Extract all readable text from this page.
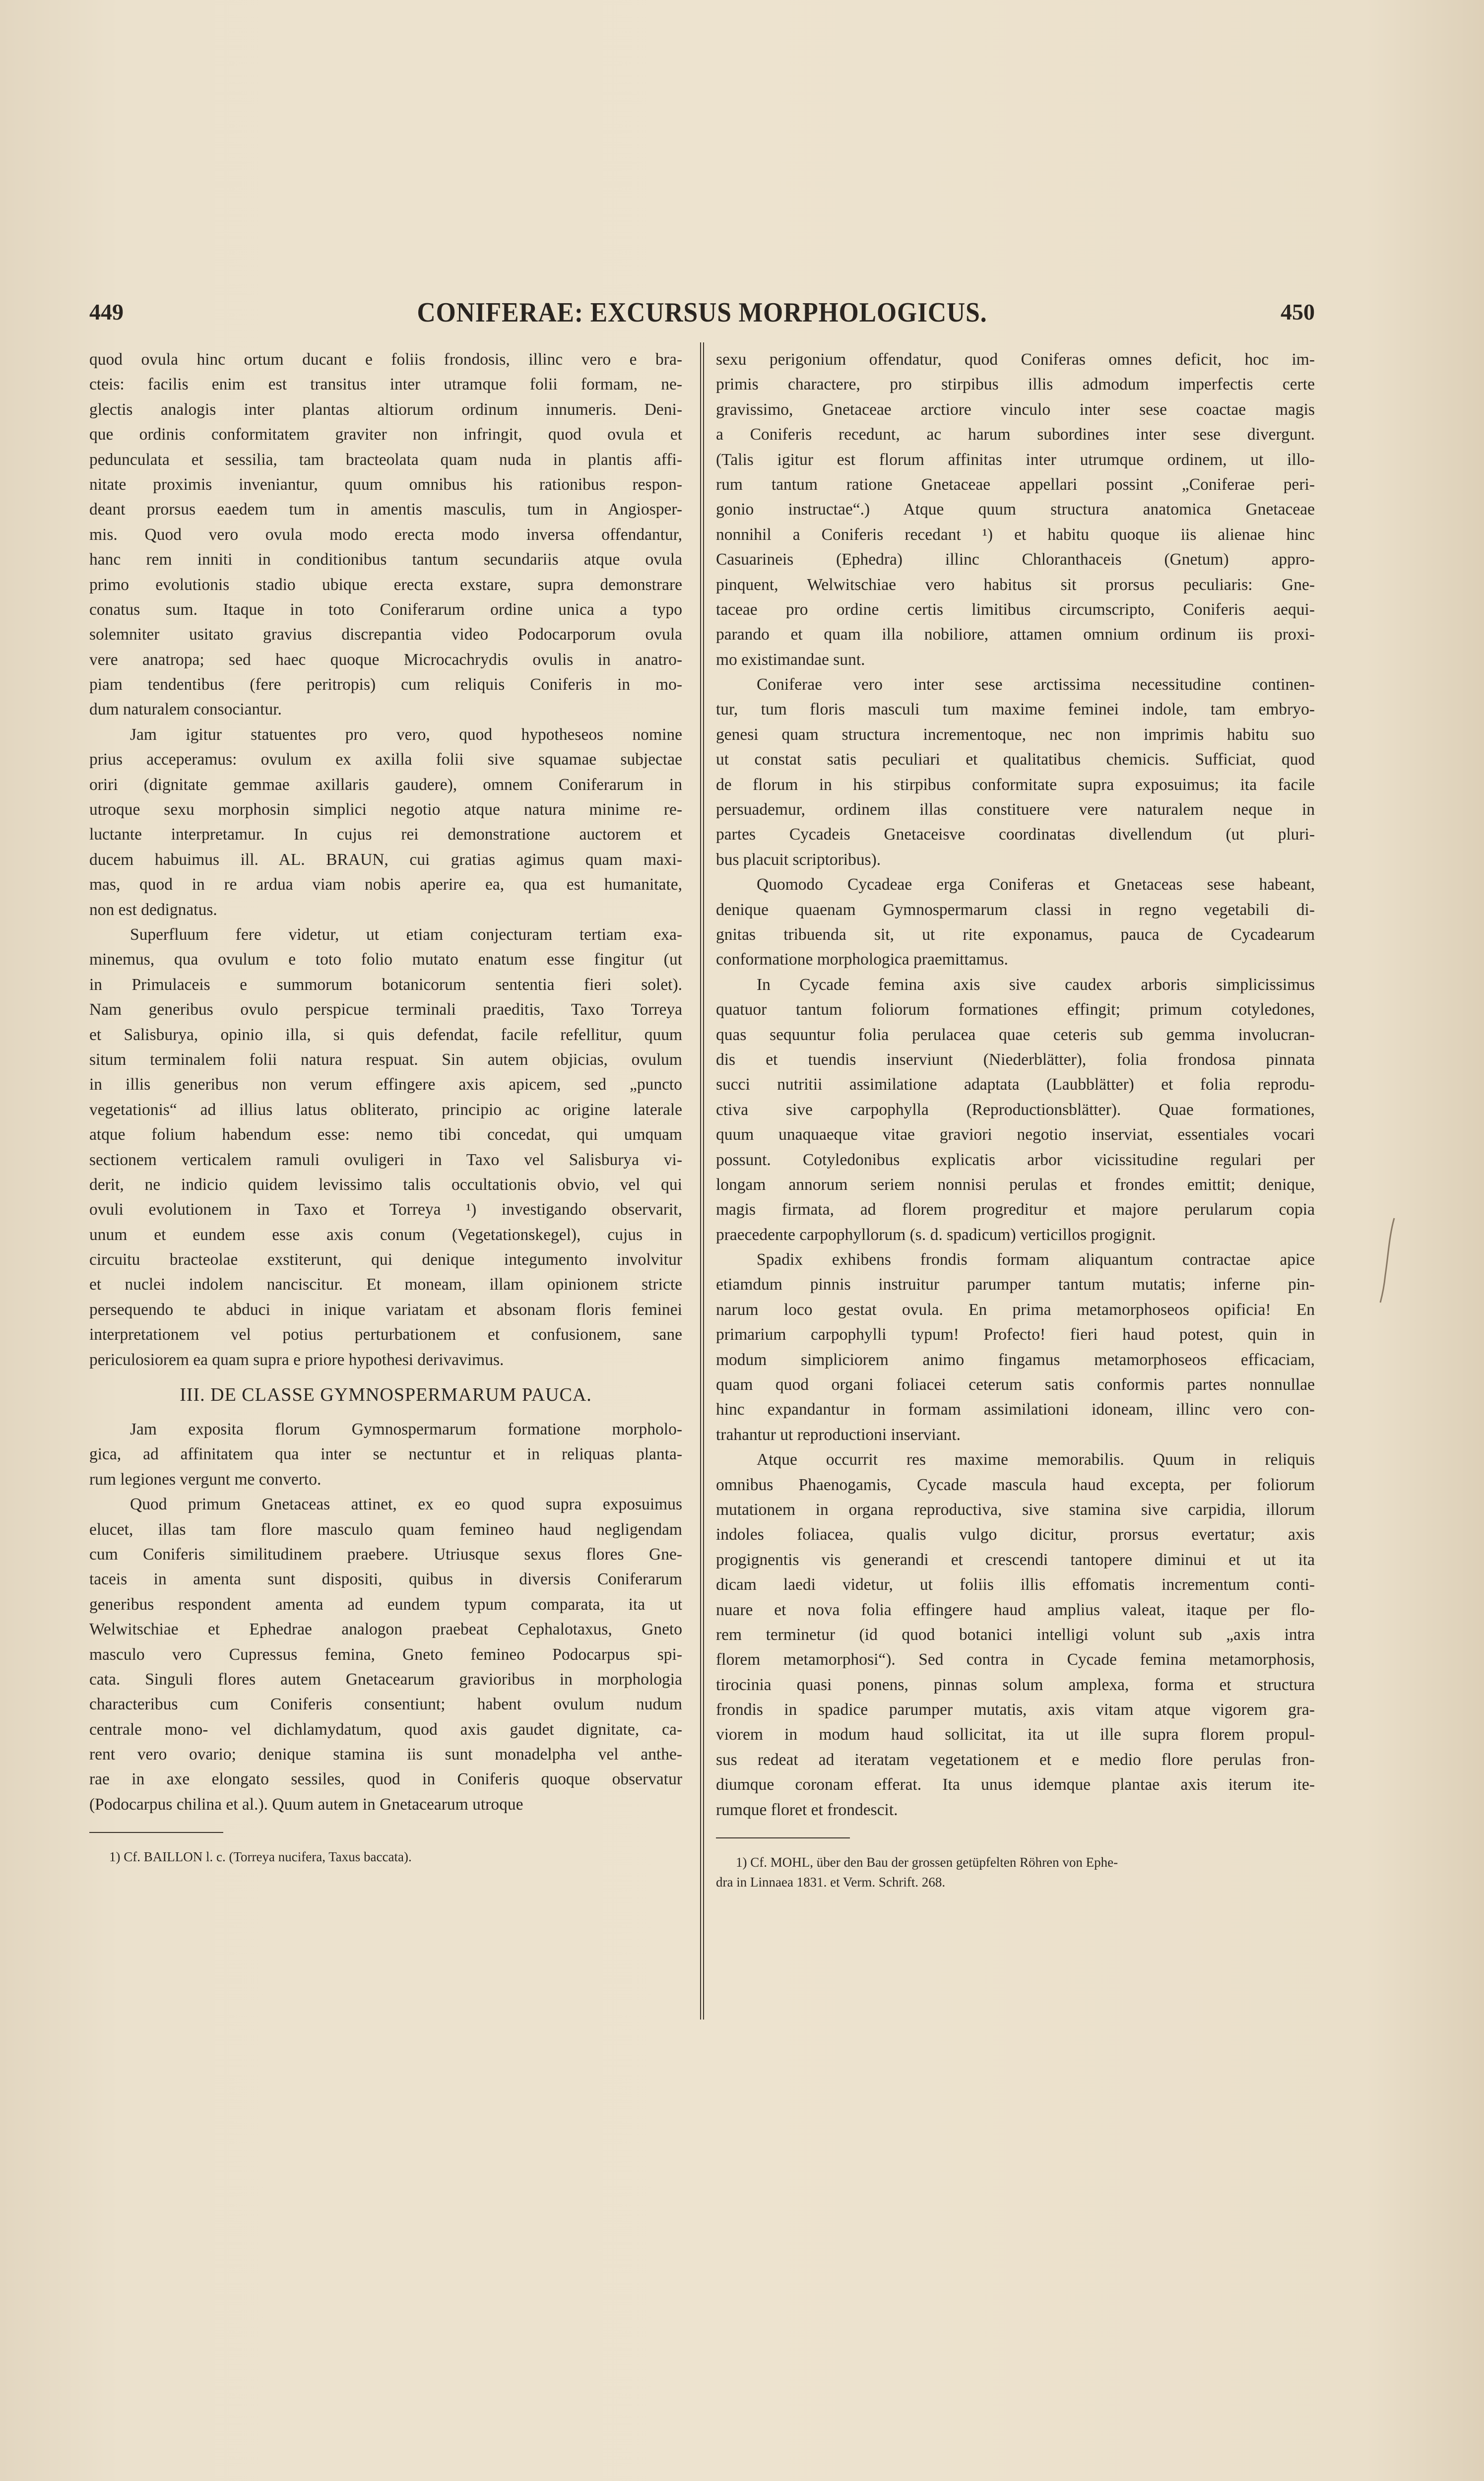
449	CONIFERAE: EXCURSUS MORPHOLOGICUS.	450
quod ovula hinc ortum ducant e foliis frondosis, illinc vero e bra-
cteis: facilis enim est transitus inter utramque folii formam, ne-
glectis analogis inter plantas altiorum ordinum innumeris. Deni-
que ordinis conformitatem graviter non infringit, quod ovula et
pedunculata et sessilia, tam bracteolata quam nuda in plantis affi-
nitate proximis inveniantur, quum omnibus his rationibus respon-
deant prorsus eaedem tum in amentis masculis, tum in Angiosper-
mis. Quod vero ovula modo erecta modo inversa offendantur,
hanc rem inniti in conditionibus tantum secundariis atque ovula
primo evolutionis stadio ubique erecta exstare, supra demonstrare
conatus sum. Itaque in toto Coniferarum ordine unica a typo
solemniter usitato gravius discrepantia video Podocarporum ovula
vere anatropa; sed haec quoque Microcachrydis ovulis in anatro-
piam tendentibus (fere peritropis) cum reliquis Coniferis in mo-
dum naturalem consociantur.
Jam igitur statuentes pro vero, quod hypotheseos nomine
prius acceperamus: ovulum ex axilla folii sive squamae subjectae
oriri (dignitate gemmae axillaris gaudere), omnem Coniferarum in
utroque sexu morphosin simplici negotio atque natura minime re-
luctante interpretamur. In cujus rei demonstratione auctorem et
ducem habuimus ill. AL. BRAUN, cui gratias agimus quam maxi-
mas, quod in re ardua viam nobis aperire ea, qua est humanitate,
non est dedignatus.
Superfluum fere videtur, ut etiam conjecturam tertiam exa-
minemus, qua ovulum e toto folio mutato enatum esse fingitur (ut
in Primulaceis e summorum botanicorum sententia fieri solet).
Nam generibus ovulo perspicue terminali praeditis, Taxo Torreya
et Salisburya, opinio illa, si quis defendat, facile refellitur, quum
situm terminalem folii natura respuat. Sin autem objicias, ovulum
in illis generibus non verum effingere axis apicem, sed „puncto
vegetationis“ ad illius latus obliterato, principio ac origine laterale
atque folium habendum esse: nemo tibi concedat, qui umquam
sectionem verticalem ramuli ovuligeri in Taxo vel Salisburya vi-
derit, ne indicio quidem levissimo talis occultationis obvio, vel qui
ovuli evolutionem in Taxo et Torreya ¹) investigando observarit,
unum et eundem esse axis conum (Vegetationskegel), cujus in
circuitu bracteolae exstiterunt, qui denique integumento involvitur
et nuclei indolem nanciscitur. Et moneam, illam opinionem stricte
persequendo te abduci in inique variatam et absonam floris feminei
interpretationem vel potius perturbationem et confusionem, sane
periculosiorem ea quam supra e priore hypothesi derivavimus.
III. DE CLASSE GYMNOSPERMARUM PAUCA.
Jam exposita florum Gymnospermarum formatione morpholo-
gica, ad affinitatem qua inter se nectuntur et in reliquas planta-
rum legiones vergunt me converto.
Quod primum Gnetaceas attinet, ex eo quod supra exposuimus
elucet, illas tam flore masculo quam feminео haud negligendam
cum Coniferis similitudinem praebere. Utriusque sexus flores Gne-
taceis in amenta sunt dispositi, quibus in diversis Coniferarum
generibus respondent amenta ad eundem typum comparata, ita ut
Welwitschiae et Ephedrae analogon praebeat Cephalotaxus, Gneto
masculo vero Cupressus femina, Gneto femineo Podocarpus spi-
cata. Singuli flores autem Gnetacearum gravioribus in morphologia
characteribus cum Coniferis consentiunt; habent ovulum nudum
centrale mono- vel dichlamydatum, quod axis gaudet dignitate, ca-
rent vero ovario; denique stamina iis sunt monadelpha vel anthe-
rae in axe elongato sessiles, quod in Coniferis quoque observatur
(Podocarpus chilina et al.). Quum autem in Gnetacearum utroque
1) Cf. BAILLON l. c. (Torreya nucifera, Taxus baccata).
sexu perigonium offendatur, quod Coniferas omnes deficit, hoc im-
primis charactere, pro stirpibus illis admodum imperfectis certe
gravissimo, Gnetaceae arctiore vinculo inter sese coactae magis
a Coniferis recedunt, ac harum subordines inter sese divergunt.
(Talis igitur est florum affinitas inter utrumque ordinem, ut illo-
rum tantum ratione Gnetaceae appellari possint „Coniferae peri-
gonio instructae“.) Atque quum structura anatomica Gnetaceae
nonnihil a Coniferis recedant ¹) et habitu quoque iis alienae hinc
Casuarineis (Ephedra) illinc Chloranthaceis (Gnetum) appro-
pinquent, Welwitschiae vero habitus sit prorsus peculiaris: Gne-
taceae pro ordine certis limitibus circumscripto, Coniferis aequi-
parando et quam illa nobiliore, attamen omnium ordinum iis proxi-
mo existimandae sunt.
Coniferae vero inter sese arctissima necessitudine continen-
tur, tum floris masculi tum maxime feminei indole, tam embryo-
genesi quam structura incrementoque, nec non imprimis habitu suo
ut constat satis peculiari et qualitatibus chemicis. Sufficiat, quod
de florum in his stirpibus conformitate supra exposuimus; ita facile
persuademur, ordinem illas constituere vere naturalem neque in
partes Cycadeis Gnetaceisve coordinatas divellendum (ut pluri-
bus placuit scriptoribus).
Quomodo Cycadeae erga Coniferas et Gnetaceas sese habeant,
denique quaenam Gymnospermarum classi in regno vegetabili di-
gnitas tribuenda sit, ut rite exponamus, pauca de Cycadearum
conformatione morphologica praemittamus.
In Cycade femina axis sive caudex arboris simplicissimus
quatuor tantum foliorum formationes effingit; primum cotyledones,
quas sequuntur folia perulacea quae ceteris sub gemma involucran-
dis et tuendis inserviunt (Niederblätter), folia frondosa pinnata
succi nutritii assimilatione adaptata (Laubblätter) et folia reprodu-
ctiva sive carpophylla (Reproductionsblätter). Quae formationes,
quum unaquaeque vitae graviori negotio inserviat, essentiales vocari
possunt. Cotyledonibus explicatis arbor vicissitudine regulari per
longam annorum seriem nonnisi perulas et frondes emittit; denique,
magis firmata, ad florem progreditur et majore perularum copia
praecedente carpophyllorum (s. d. spadicum) verticillos progignit.
Spadix exhibens frondis formam aliquantum contractae apice
etiamdum pinnis instruitur parumper tantum mutatis; inferne pin-
narum loco gestat ovula. En prima metamorphoseos opificia! En
primarium carpophylli typum! Profecto! fieri haud potest, quin in
modum simpliciorem animo fingamus metamorphoseos efficaciam,
quam quod organi foliacei ceterum satis conformis partes nonnullae
hinc expandantur in formam assimilationi idoneam, illinc vero con-
trahantur ut reproductioni inserviant.
Atque occurrit res maxime memorabilis. Quum in reliquis
omnibus Phaenogamis, Cycade mascula haud excepta, per foliorum
mutationem in organa reproductiva, sive stamina sive carpidia, illorum
indoles foliacea, qualis vulgo dicitur, prorsus evertatur; axis
progignentis vis generandi et crescendi tantopere diminui et ut ita
dicam laedi videtur, ut foliis illis effomatis incrementum conti-
nuare et nova folia effingere haud amplius valeat, itaque per flo-
rem terminetur (id quod botanici intelligi volunt sub „axis intra
florem metamorphosi“). Sed contra in Cycade femina metamorphosis,
tirocinia quasi ponens, pinnas solum amplexa, forma et structura
frondis in spadice parumper mutatis, axis vitam atque vigorem gra-
viorem in modum haud sollicitat, ita ut ille supra florem propul-
sus redeat ad iteratam vegetationem et e medio flore perulas fron-
diumque coronam efferat. Ita unus idemque plantae axis iterum ite-
rumque floret et frondescit.
1) Cf. MOHL, über den Bau der grossen getüpfelten Röhren von Ephe-
dra in Linnaea 1831. et Verm. Schrift. 268.
